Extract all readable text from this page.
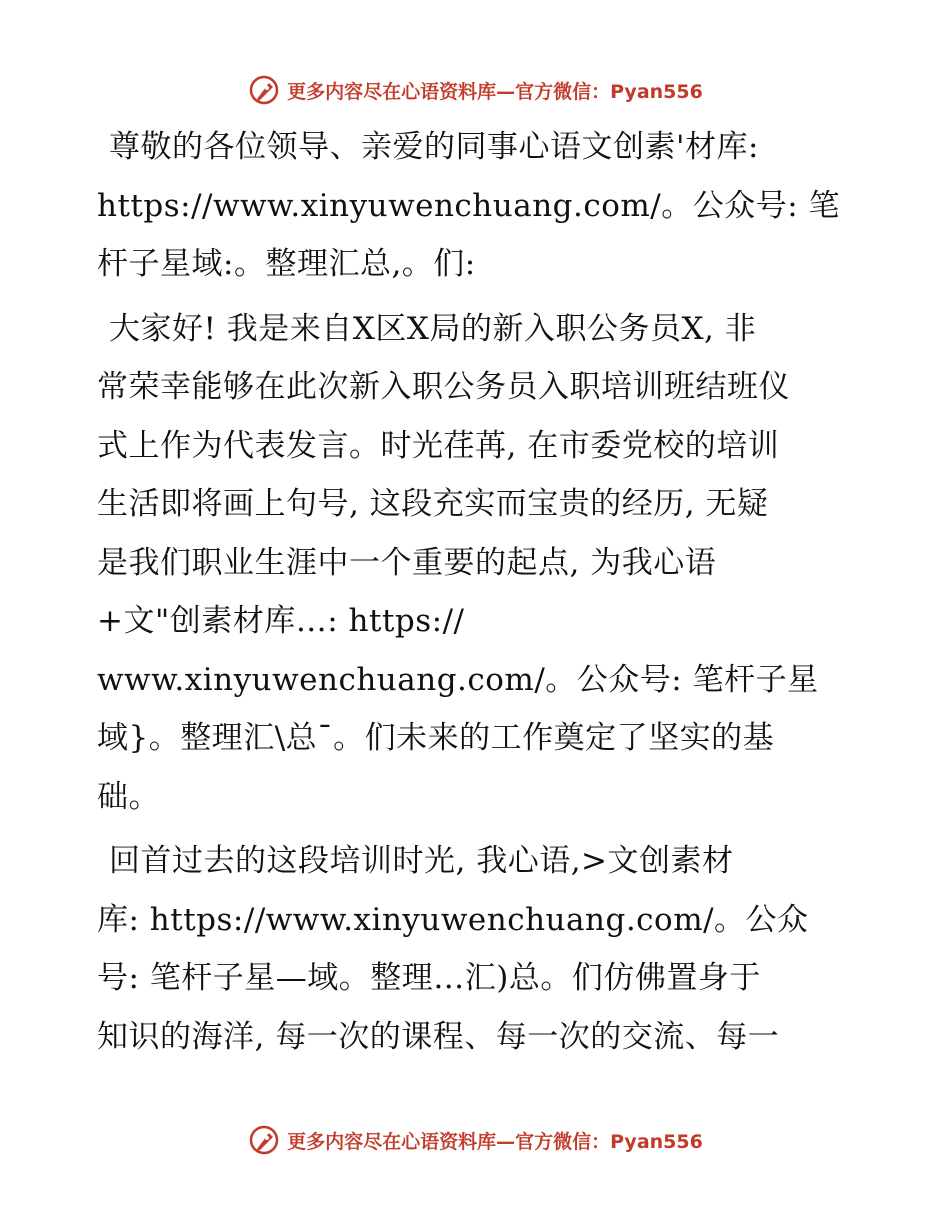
更多内容尽在心语资料库—官方微信：Pyan556

尊敬的各位领导、亲爱的同事心语文创素'材库:
https://www.xinyuwenchuang.com/。公众号: 笔
杆子星域:。整理汇总,。们:

大家好! 我是来自X区X局的新入职公务员X, 非
常荣幸能够在此次新入职公务员入职培训班结班仪
式上作为代表发言。时光荏苒, 在市委党校的培训
生活即将画上句号, 这段充实而宝贵的经历, 无疑
是我们职业生涯中一个重要的起点, 为我心语
+文"创素材库…: https://
www.xinyuwenchuang.com/。公众号: 笔杆子星
域}。整理汇\总¯。们未来的工作奠定了坚实的基
础。

回首过去的这段培训时光, 我心语,>文创素材
库: https://www.xinyuwenchuang.com/。公众
号: 笔杆子星—域。整理…汇)总。们仿佛置身于
知识的海洋, 每一次的课程、每一次的交流、每一

更多内容尽在心语资料库—官方微信：Pyan556
